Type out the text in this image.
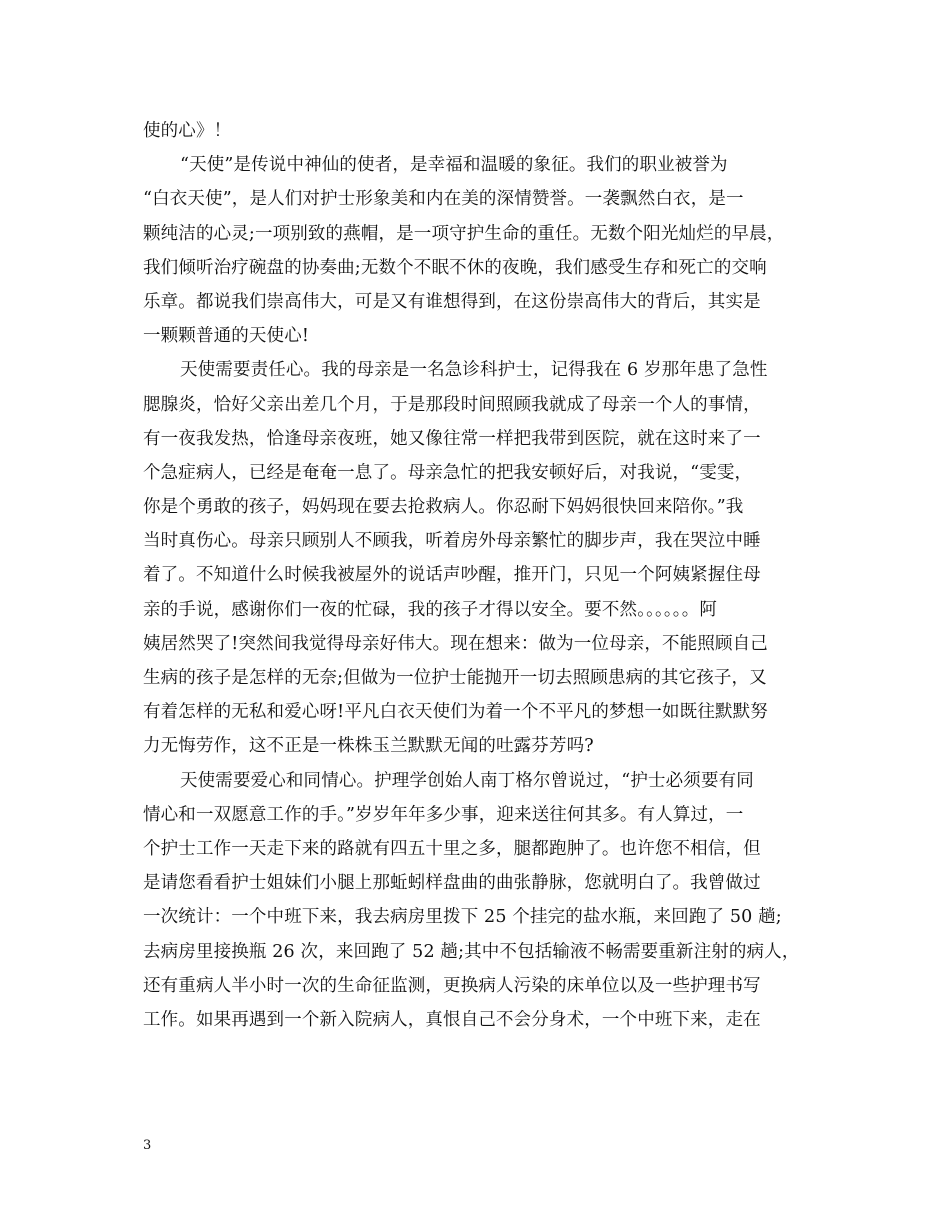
使的心》！
“天使”是传说中神仙的使者，是幸福和温暖的象征。我们的职业被誉为
“白衣天使”，是人们对护士形象美和内在美的深情赞誉。一袭飘然白衣，是一
颗纯洁的心灵;一项别致的燕帽，是一项守护生命的重任。无数个阳光灿烂的早晨，
我们倾听治疗碗盘的协奏曲;无数个不眠不休的夜晚，我们感受生存和死亡的交响
乐章。都说我们崇高伟大，可是又有谁想得到，在这份崇高伟大的背后，其实是
一颗颗普通的天使心!
天使需要责任心。我的母亲是一名急诊科护士，记得我在 6 岁那年患了急性
腮腺炎，恰好父亲出差几个月，于是那段时间照顾我就成了母亲一个人的事情，
有一夜我发热，恰逢母亲夜班，她又像往常一样把我带到医院，就在这时来了一
个急症病人，已经是奄奄一息了。母亲急忙的把我安顿好后，对我说，“雯雯，
你是个勇敢的孩子，妈妈现在要去抢救病人。你忍耐下妈妈很快回来陪你。”我
当时真伤心。母亲只顾别人不顾我，听着房外母亲繁忙的脚步声，我在哭泣中睡
着了。不知道什么时候我被屋外的说话声吵醒，推开门，只见一个阿姨紧握住母
亲的手说，感谢你们一夜的忙碌，我的孩子才得以安全。要不然。。。。。。阿
姨居然哭了!突然间我觉得母亲好伟大。现在想来：做为一位母亲，不能照顾自己
生病的孩子是怎样的无奈;但做为一位护士能抛开一切去照顾患病的其它孩子，又
有着怎样的无私和爱心呀!平凡白衣天使们为着一个不平凡的梦想一如既往默默努
力无悔劳作，这不正是一株株玉兰默默无闻的吐露芬芳吗?
天使需要爱心和同情心。护理学创始人南丁格尔曾说过，“护士必须要有同
情心和一双愿意工作的手。”岁岁年年多少事，迎来送往何其多。有人算过，一
个护士工作一天走下来的路就有四五十里之多，腿都跑肿了。也许您不相信，但
是请您看看护士姐妹们小腿上那蚯蚓样盘曲的曲张静脉，您就明白了。我曾做过
一次统计：一个中班下来，我去病房里拨下 25 个挂完的盐水瓶，来回跑了 50 趟;
去病房里接换瓶 26 次，来回跑了 52 趟;其中不包括输液不畅需要重新注射的病人，
还有重病人半小时一次的生命征监测，更换病人污染的床单位以及一些护理书写
工作。如果再遇到一个新入院病人，真恨自己不会分身术，一个中班下来，走在
3
